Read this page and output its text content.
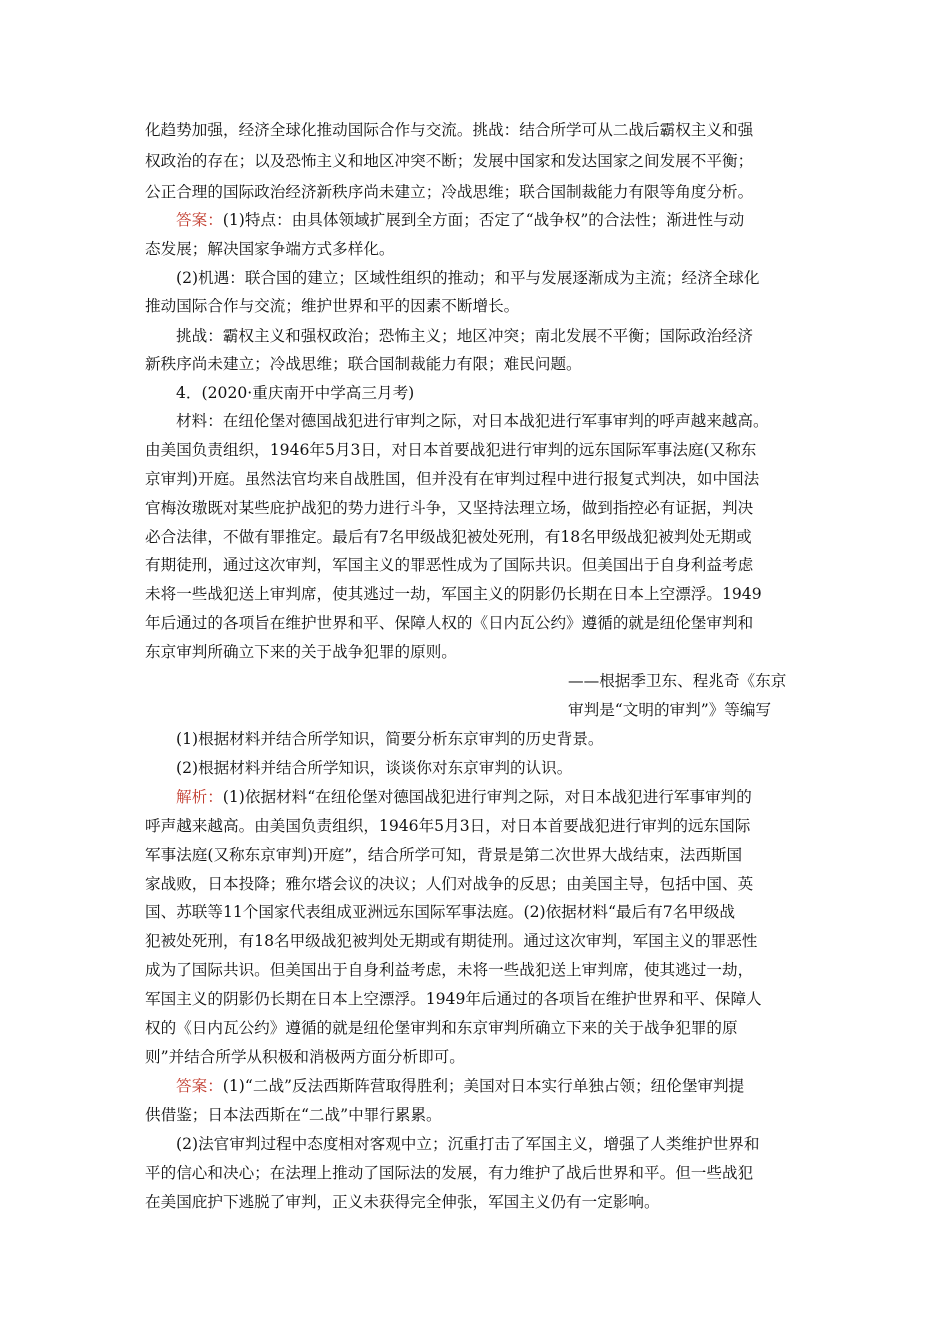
化趋势加强，经济全球化推动国际合作与交流。挑战：结合所学可从二战后霸权主义和强
权政治的存在；以及恐怖主义和地区冲突不断；发展中国家和发达国家之间发展不平衡；
公正合理的国际政治经济新秩序尚未建立；冷战思维；联合国制裁能力有限等角度分析。
答案：(1)特点：由具体领域扩展到全方面；否定了“战争权”的合法性；渐进性与动
态发展；解决国家争端方式多样化。
(2)机遇：联合国的建立；区域性组织的推动；和平与发展逐渐成为主流；经济全球化
推动国际合作与交流；维护世界和平的因素不断增长。
挑战：霸权主义和强权政治；恐怖主义；地区冲突；南北发展不平衡；国际政治经济
新秩序尚未建立；冷战思维；联合国制裁能力有限；难民问题。
4．(2020·重庆南开中学高三月考)
材料：在纽伦堡对德国战犯进行审判之际，对日本战犯进行军事审判的呼声越来越高。
由美国负责组织，1946年5月3日，对日本首要战犯进行审判的远东国际军事法庭(又称东
京审判)开庭。虽然法官均来自战胜国，但并没有在审判过程中进行报复式判决，如中国法
官梅汝璈既对某些庇护战犯的势力进行斗争，又坚持法理立场，做到指控必有证据，判决
必合法律，不做有罪推定。最后有7名甲级战犯被处死刑，有18名甲级战犯被判处无期或
有期徒刑，通过这次审判，军国主义的罪恶性成为了国际共识。但美国出于自身利益考虑
未将一些战犯送上审判席，使其逃过一劫，军国主义的阴影仍长期在日本上空漂浮。1949
年后通过的各项旨在维护世界和平、保障人权的《日内瓦公约》遵循的就是纽伦堡审判和
东京审判所确立下来的关于战争犯罪的原则。
——根据季卫东、程兆奇《东京
审判是“文明的审判”》等编写
(1)根据材料并结合所学知识，简要分析东京审判的历史背景。
(2)根据材料并结合所学知识，谈谈你对东京审判的认识。
解析：(1)依据材料“在纽伦堡对德国战犯进行审判之际，对日本战犯进行军事审判的
呼声越来越高。由美国负责组织，1946年5月3日，对日本首要战犯进行审判的远东国际
军事法庭(又称东京审判)开庭”，结合所学可知，背景是第二次世界大战结束，法西斯国
家战败，日本投降；雅尔塔会议的决议；人们对战争的反思；由美国主导，包括中国、英
国、苏联等11个国家代表组成亚洲远东国际军事法庭。(2)依据材料“最后有7名甲级战
犯被处死刑，有18名甲级战犯被判处无期或有期徒刑。通过这次审判，军国主义的罪恶性
成为了国际共识。但美国出于自身利益考虑，未将一些战犯送上审判席，使其逃过一劫，
军国主义的阴影仍长期在日本上空漂浮。1949年后通过的各项旨在维护世界和平、保障人
权的《日内瓦公约》遵循的就是纽伦堡审判和东京审判所确立下来的关于战争犯罪的原
则”并结合所学从积极和消极两方面分析即可。
答案：(1)“二战”反法西斯阵营取得胜利；美国对日本实行单独占领；纽伦堡审判提
供借鉴；日本法西斯在“二战”中罪行累累。
(2)法官审判过程中态度相对客观中立；沉重打击了军国主义，增强了人类维护世界和
平的信心和决心；在法理上推动了国际法的发展，有力维护了战后世界和平。但一些战犯
在美国庇护下逃脱了审判，正义未获得完全伸张，军国主义仍有一定影响。
